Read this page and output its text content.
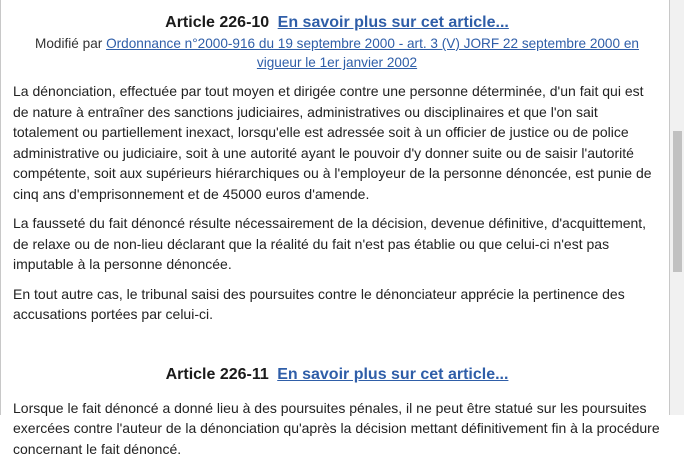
Article 226-10 En savoir plus sur cet article...
Modifié par Ordonnance n°2000-916 du 19 septembre 2000 - art. 3 (V) JORF 22 septembre 2000 en vigueur le 1er janvier 2002

La dénonciation, effectuée par tout moyen et dirigée contre une personne déterminée, d'un fait qui est de nature à entraîner des sanctions judiciaires, administratives ou disciplinaires et que l'on sait totalement ou partiellement inexact, lorsqu'elle est adressée soit à un officier de justice ou de police administrative ou judiciaire, soit à une autorité ayant le pouvoir d'y donner suite ou de saisir l'autorité compétente, soit aux supérieurs hiérarchiques ou à l'employeur de la personne dénoncée, est punie de cinq ans d'emprisonnement et de 45000 euros d'amende.

La fausseté du fait dénoncé résulte nécessairement de la décision, devenue définitive, d'acquittement, de relaxe ou de non-lieu déclarant que la réalité du fait n'est pas établie ou que celui-ci n'est pas imputable à la personne dénoncée.

En tout autre cas, le tribunal saisi des poursuites contre le dénonciateur apprécie la pertinence des accusations portées par celui-ci.

Article 226-11 En savoir plus sur cet article...

Lorsque le fait dénoncé a donné lieu à des poursuites pénales, il ne peut être statué sur les poursuites exercées contre l'auteur de la dénonciation qu'après la décision mettant définitivement fin à la procédure concernant le fait dénoncé.
